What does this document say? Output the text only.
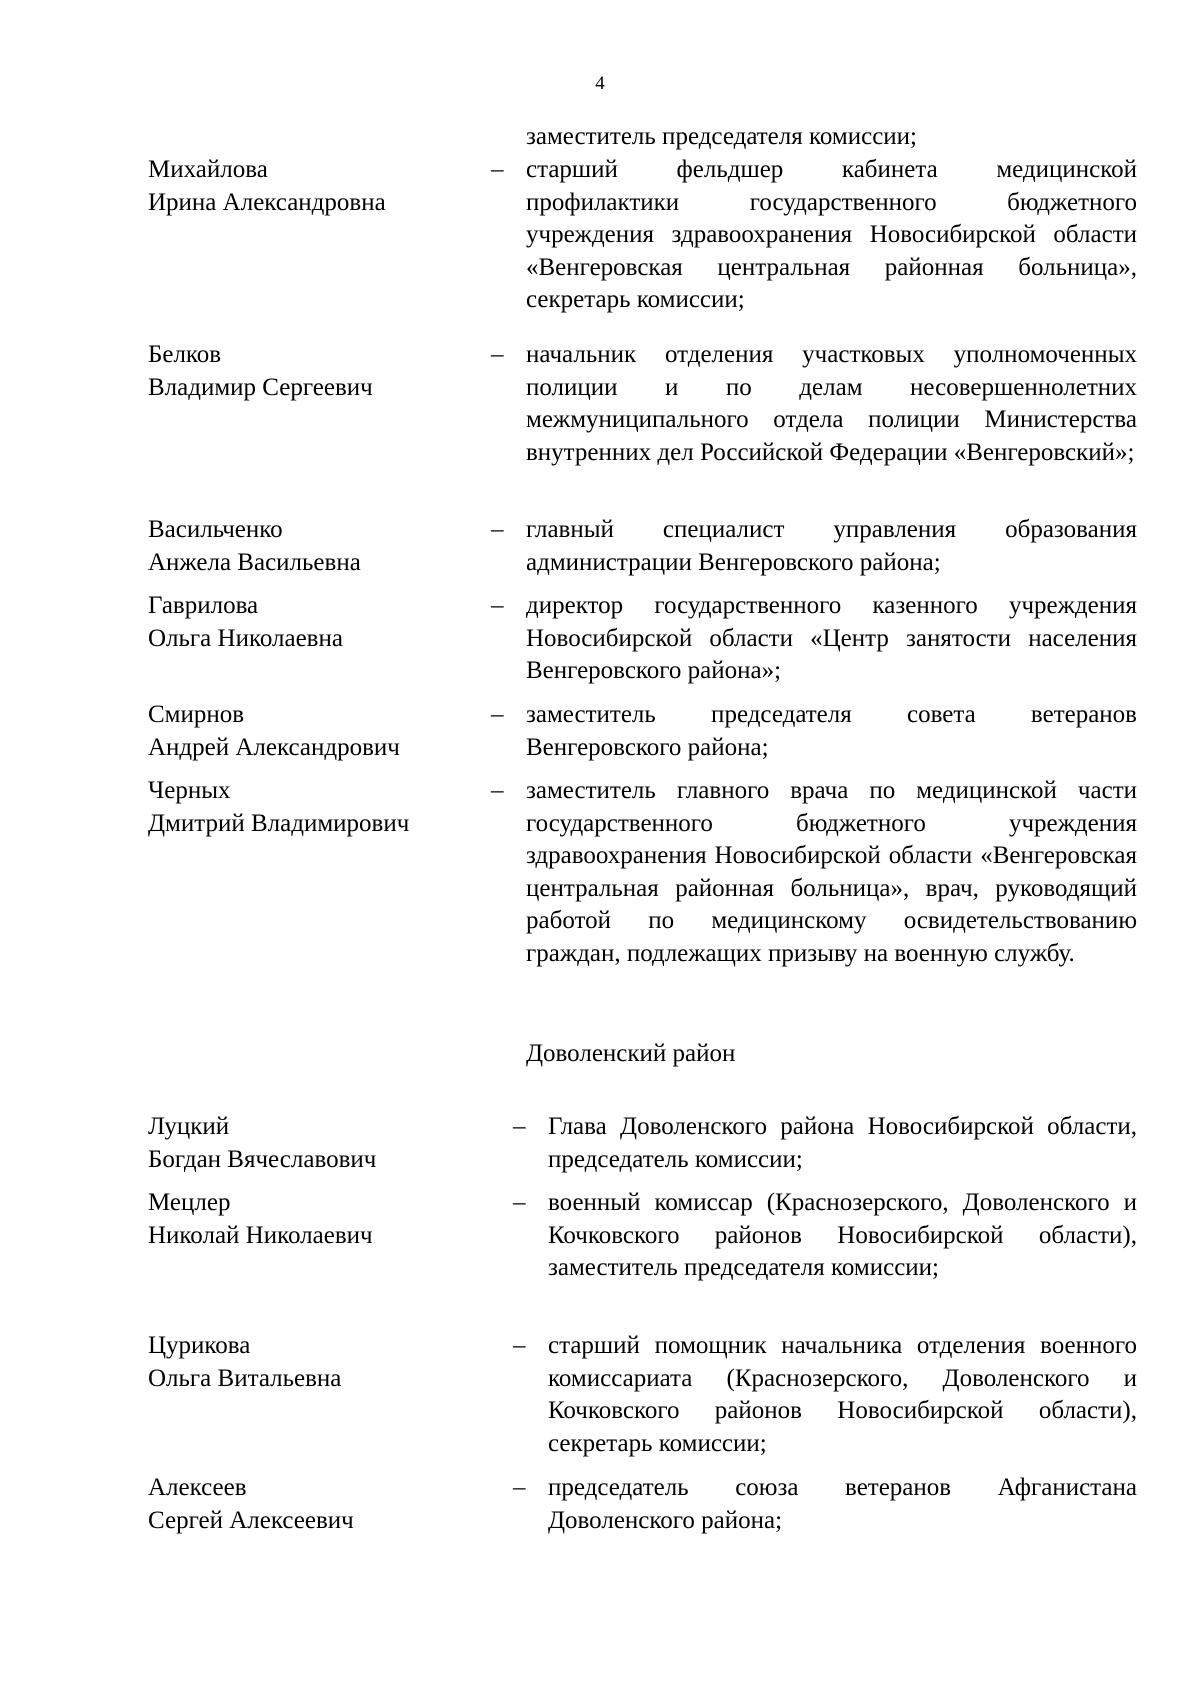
4
заместитель председателя комиссии;
Михайлова
Ирина Александровна
– старший фельдшер кабинета медицинской профилактики государственного бюджетного учреждения здравоохранения Новосибирской области «Венгеровская центральная районная больница», секретарь комиссии;
Белков
Владимир Сергеевич
– начальник отделения участковых уполномоченных полиции и по делам несовершеннолетних межмуниципального отдела полиции Министерства внутренних дел Российской Федерации «Венгеровский»;
Васильченко
Анжела Васильевна
– главный специалист управления образования администрации Венгеровского района;
Гаврилова
Ольга Николаевна
– директор государственного казенного учреждения Новосибирской области «Центр занятости населения Венгеровского района»;
Смирнов
Андрей Александрович
– заместитель председателя совета ветеранов Венгеровского района;
Черных
Дмитрий Владимирович
– заместитель главного врача по медицинской части государственного бюджетного учреждения здравоохранения Новосибирской области «Венгеровская центральная районная больница», врач, руководящий работой по медицинскому освидетельствованию граждан, подлежащих призыву на военную службу.
Доволенский район
Луцкий
Богдан Вячеславович
– Глава Доволенского района Новосибирской области, председатель комиссии;
Мецлер
Николай Николаевич
– военный комиссар (Краснозерского, Доволенского и Кочковского районов Новосибирской области), заместитель председателя комиссии;
Цурикова
Ольга Витальевна
– старший помощник начальника отделения военного комиссариата (Краснозерского, Доволенского и Кочковского районов Новосибирской области), секретарь комиссии;
Алексеев
Сергей Алексеевич
– председатель союза ветеранов Афганистана Доволенского района;
